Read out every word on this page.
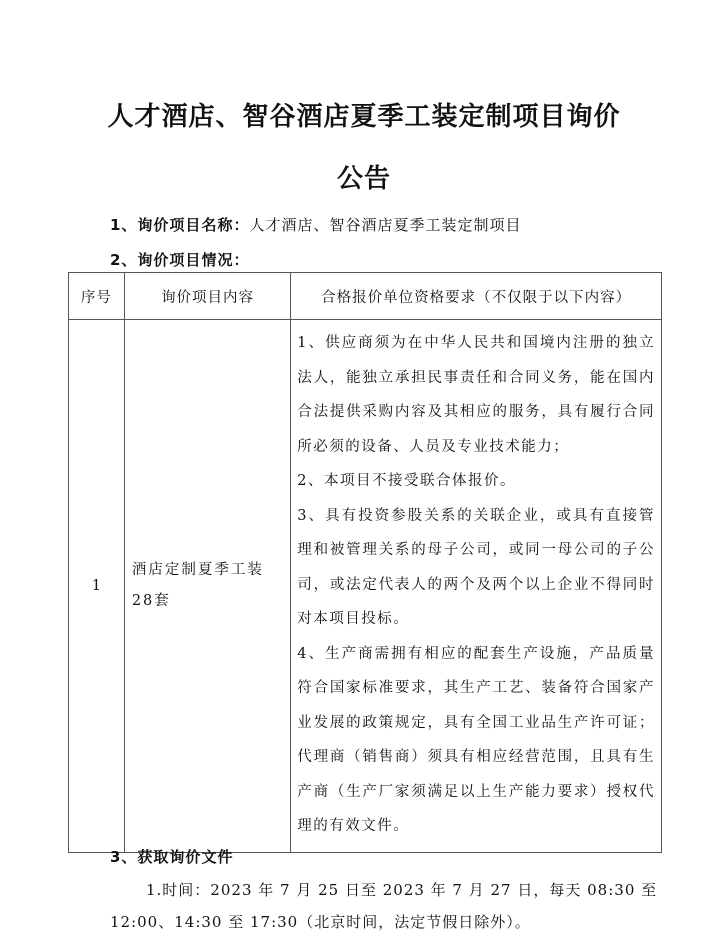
人才酒店、智谷酒店夏季工装定制项目询价
公告
1、询价项目名称：人才酒店、智谷酒店夏季工装定制项目
2、询价项目情况：
序号	询价项目内容	合格报价单位资格要求（不仅限于以下内容）
1	酒店定制夏季工装28套	1、供应商须为在中华人民共和国境内注册的独立法人，能独立承担民事责任和合同义务，能在国内合法提供采购内容及其相应的服务，具有履行合同所必须的设备、人员及专业技术能力；

2、本项目不接受联合体报价。

3、具有投资参股关系的关联企业，或具有直接管理和被管理关系的母子公司，或同一母公司的子公司，或法定代表人的两个及两个以上企业不得同时对本项目投标。

4、生产商需拥有相应的配套生产设施，产品质量符合国家标准要求，其生产工艺、装备符合国家产业发展的政策规定，具有全国工业品生产许可证；代理商（销售商）须具有相应经营范围，且具有生产商（生产厂家须满足以上生产能力要求）授权代理的有效文件。

3、获取询价文件
1.时间：2023 年 7 月 25 日至 2023 年 7 月 27 日，每天 08:30 至
12:00、14:30 至 17:30（北京时间，法定节假日除外）。
